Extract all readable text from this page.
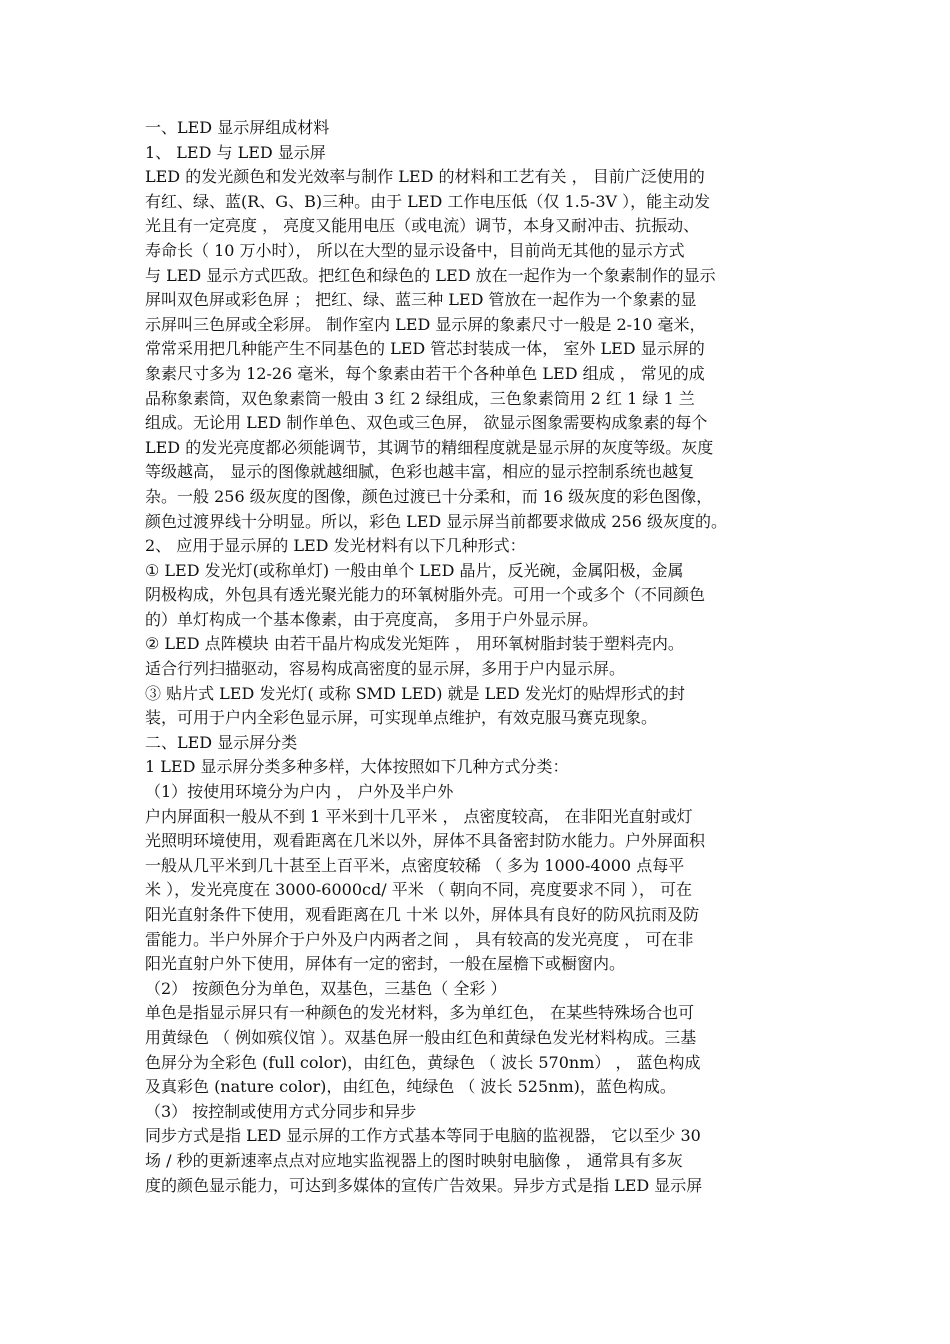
一、LED 显示屏组成材料
1、 LED 与 LED 显示屏
LED 的发光颜色和发光效率与制作 LED 的材料和工艺有关 ， 目前广泛使用的
有红、绿、蓝(R、G、B)三种。由于 LED 工作电压低（仅 1.5-3V ），能主动发
光且有一定亮度 ， 亮度又能用电压（或电流）调节，本身又耐冲击、抗振动、
寿命长（ 10 万小时）， 所以在大型的显示设备中，目前尚无其他的显示方式
与 LED 显示方式匹敌。把红色和绿色的 LED 放在一起作为一个象素制作的显示
屏叫双色屏或彩色屏 ； 把红、绿、蓝三种 LED 管放在一起作为一个象素的显
示屏叫三色屏或全彩屏。 制作室内 LED 显示屏的象素尺寸一般是 2-10 毫米，
常常采用把几种能产生不同基色的 LED 管芯封装成一体， 室外 LED 显示屏的
象素尺寸多为 12-26 毫米，每个象素由若干个各种单色 LED 组成 ， 常见的成
品称象素筒，双色象素筒一般由 3 红 2 绿组成，三色象素筒用 2 红 1 绿 1 兰
组成。无论用 LED 制作单色、双色或三色屏， 欲显示图象需要构成象素的每个
LED 的发光亮度都必须能调节，其调节的精细程度就是显示屏的灰度等级。灰度
等级越高， 显示的图像就越细腻，色彩也越丰富，相应的显示控制系统也越复
杂。一般 256 级灰度的图像，颜色过渡已十分柔和，而 16 级灰度的彩色图像，
颜色过渡界线十分明显。所以，彩色 LED 显示屏当前都要求做成 256 级灰度的。
2、 应用于显示屏的 LED 发光材料有以下几种形式：
① LED 发光灯(或称单灯) 一般由单个 LED 晶片，反光碗，金属阳极，金属
阴极构成，外包具有透光聚光能力的环氧树脂外壳。可用一个或多个（不同颜色
的）单灯构成一个基本像素，由于亮度高， 多用于户外显示屏。
② LED 点阵模块 由若干晶片构成发光矩阵 ， 用环氧树脂封装于塑料壳内。
适合行列扫描驱动，容易构成高密度的显示屏，多用于户内显示屏。
③ 贴片式 LED 发光灯( 或称 SMD LED) 就是 LED 发光灯的贴焊形式的封
装，可用于户内全彩色显示屏，可实现单点维护，有效克服马赛克现象。
二、LED 显示屏分类
1 LED 显示屏分类多种多样，大体按照如下几种方式分类：
（1）按使用环境分为户内 ， 户外及半户外
户内屏面积一般从不到 1 平米到十几平米 ， 点密度较高， 在非阳光直射或灯
光照明环境使用，观看距离在几米以外，屏体不具备密封防水能力。户外屏面积
一般从几平米到几十甚至上百平米，点密度较稀 （ 多为 1000-4000 点每平
米 ），发光亮度在 3000-6000cd/ 平米 （ 朝向不同，亮度要求不同 ）， 可在
阳光直射条件下使用，观看距离在几 十米 以外，屏体具有良好的防风抗雨及防
雷能力。半户外屏介于户外及户内两者之间 ， 具有较高的发光亮度 ， 可在非
阳光直射户外下使用，屏体有一定的密封，一般在屋檐下或橱窗内。
（2） 按颜色分为单色，双基色，三基色（ 全彩 ）
单色是指显示屏只有一种颜色的发光材料，多为单红色， 在某些特殊场合也可
用黄绿色 （ 例如殡仪馆 ）。双基色屏一般由红色和黄绿色发光材料构成。三基
色屏分为全彩色 (full color)，由红色，黄绿色 （ 波长 570nm） ， 蓝色构成
及真彩色 (nature color)，由红色，纯绿色 （ 波长 525nm)，蓝色构成。
（3） 按控制或使用方式分同步和异步
同步方式是指 LED 显示屏的工作方式基本等同于电脑的监视器， 它以至少 30
场 / 秒的更新速率点点对应地实监视器上的图时映射电脑像 ， 通常具有多灰
度的颜色显示能力，可达到多媒体的宣传广告效果。异步方式是指 LED 显示屏
